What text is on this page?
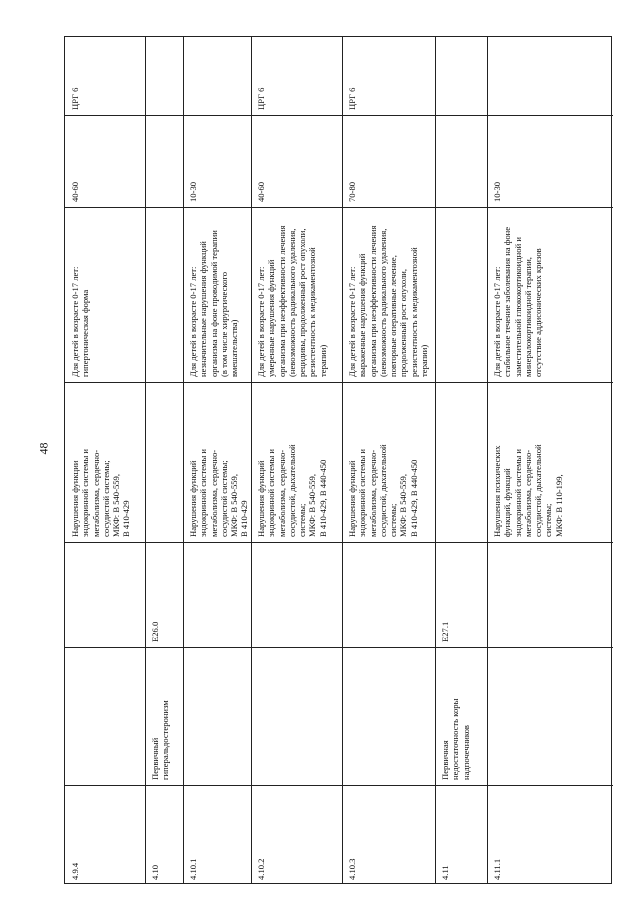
48
4.9.4
Нарушения функции
эндокринной системы и
метаболизма, сердечно-
сосудистой системы;
МКФ: B 540-559,
B 410-429
Для детей в возрасте 0-17 лет:
гипертоническая форма
40-60
ЦРГ 6
4.10
Первичный
гиперальдостеронизм
E26.0
4.10.1
Нарушения функций
эндокринной системы и
метаболизма, сердечно-
сосудистой системы;
МКФ: B 540-559,
B 410-429
Для детей в возрасте 0-17 лет:
незначительные нарушения функций
организма на фоне проводимой терапии
(в том числе хирургического
вмешательства)
10-30
4.10.2
Нарушения функций
эндокринной системы и
метаболизма, сердечно-
сосудистой, дыхательной
системы;
МКФ: B 540-559,
B 410-429, B 440-450
Для детей в возрасте 0-17 лет:
умеренные нарушения функций
организма при неэффективности лечения
(невозможность радикального удаления,
рецидивы, продолженный рост опухоли,
резистентность к медикаментозной
терапии)
40-60
ЦРГ 6
4.10.3
Нарушения функций
эндокринной системы и
метаболизма, сердечно-
сосудистой, дыхательной
системы;
МКФ: B 540-559,
B 410-429, B 440-450
Для детей в возрасте 0-17 лет:
выраженные нарушения функций
организма при неэффективности лечения
(невозможность радикального удаления,
повторные оперативные лечение,
продолженный рост опухоли,
резистентность к медикаментозной
терапии)
70-80
ЦРГ 6
4.11
Первичная
недостаточность коры
надпочечников
E27.1
4.11.1
Нарушения психических
функций, функций
эндокринной системы и
метаболизма, сердечно-
сосудистой, дыхательной
системы;
МКФ: B 110-199,
Для детей в возрасте 0-17 лет:
стабильное течение заболевания на фоне
заместительной глюкокортикоидной и
минералокортикоидной терапии,
отсутствие аддисонических кризов
10-30
